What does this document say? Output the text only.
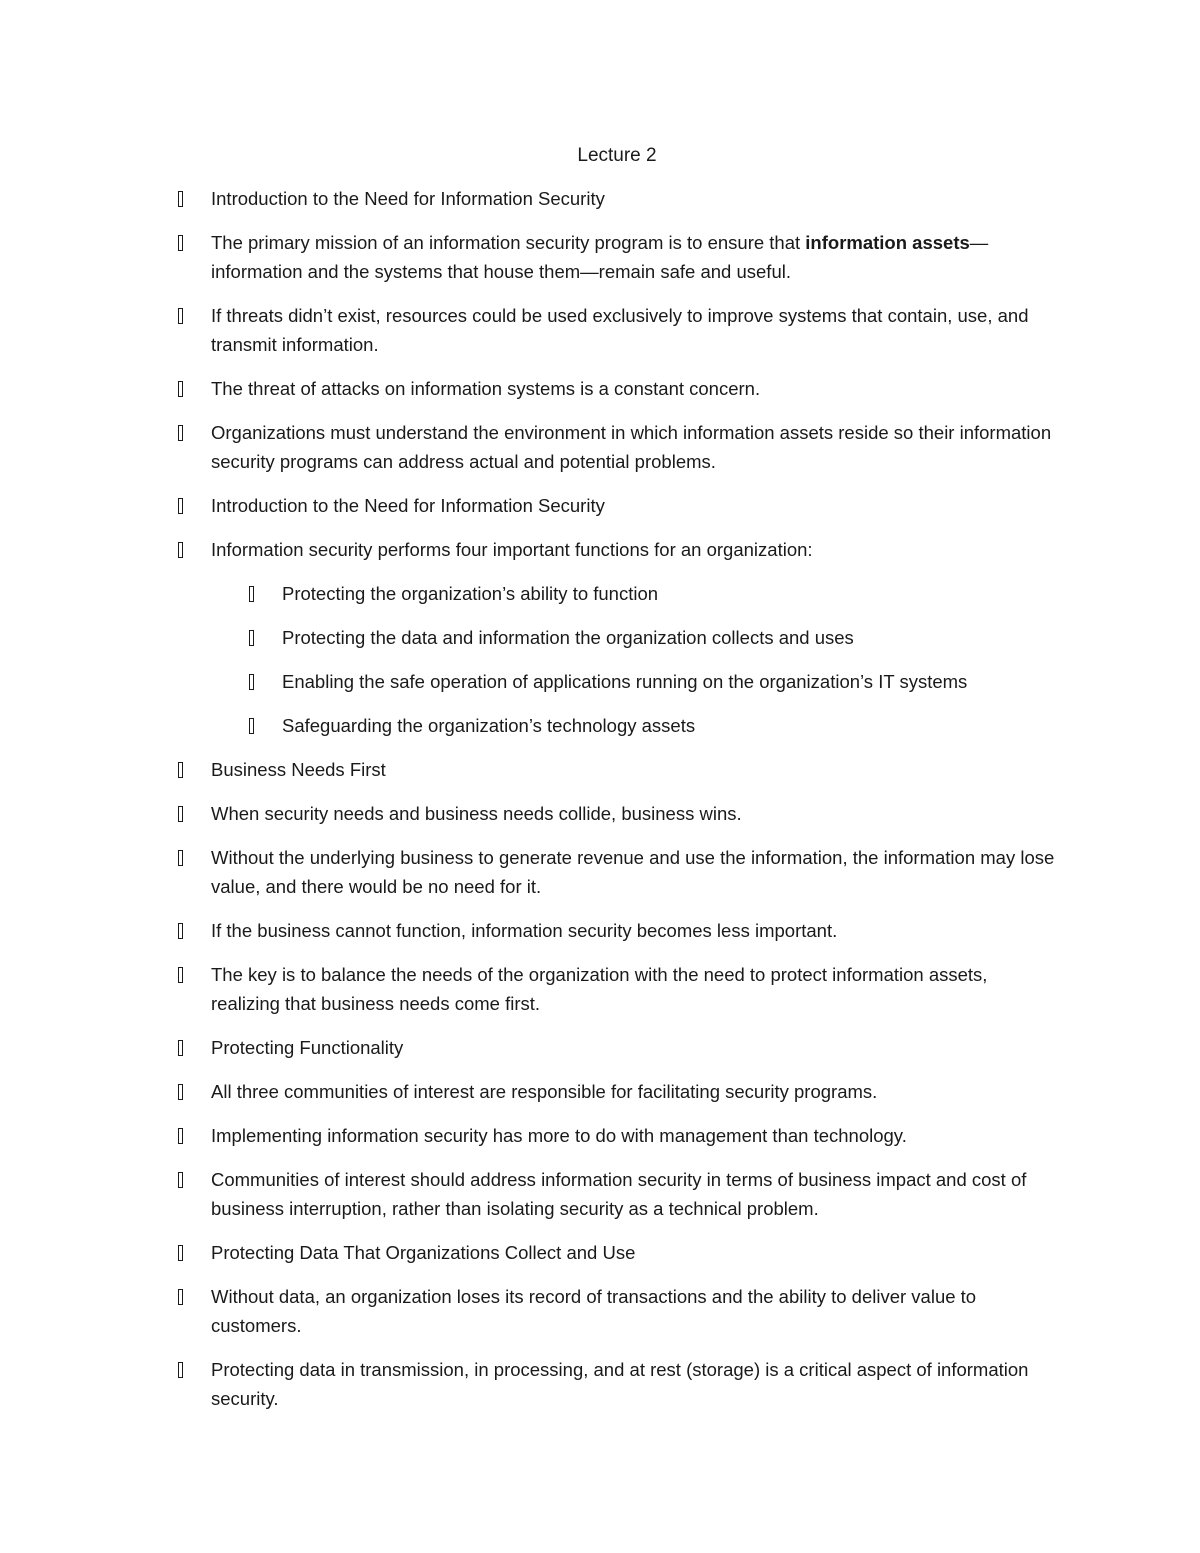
Lecture 2
Introduction to the Need for Information Security
The primary mission of an information security program is to ensure that information assets—information and the systems that house them—remain safe and useful.
If threats didn’t exist, resources could be used exclusively to improve systems that contain, use, and transmit information.
The threat of attacks on information systems is a constant concern.
Organizations must understand the environment in which information assets reside so their information security programs can address actual and potential problems.
Introduction to the Need for Information Security
Information security performs four important functions for an organization:
Protecting the organization’s ability to function
Protecting the data and information the organization collects and uses
Enabling the safe operation of applications running on the organization’s IT systems
Safeguarding the organization’s technology assets
Business Needs First
When security needs and business needs collide, business wins.
Without the underlying business to generate revenue and use the information, the information may lose value, and there would be no need for it.
If the business cannot function, information security becomes less important.
The key is to balance the needs of the organization with the need to protect information assets, realizing that business needs come first.
Protecting Functionality
All three communities of interest are responsible for facilitating security programs.
Implementing information security has more to do with management than technology.
Communities of interest should address information security in terms of business impact and cost of business interruption, rather than isolating security as a technical problem.
Protecting Data That Organizations Collect and Use
Without data, an organization loses its record of transactions and the ability to deliver value to customers.
Protecting data in transmission, in processing, and at rest (storage) is a critical aspect of information security.
